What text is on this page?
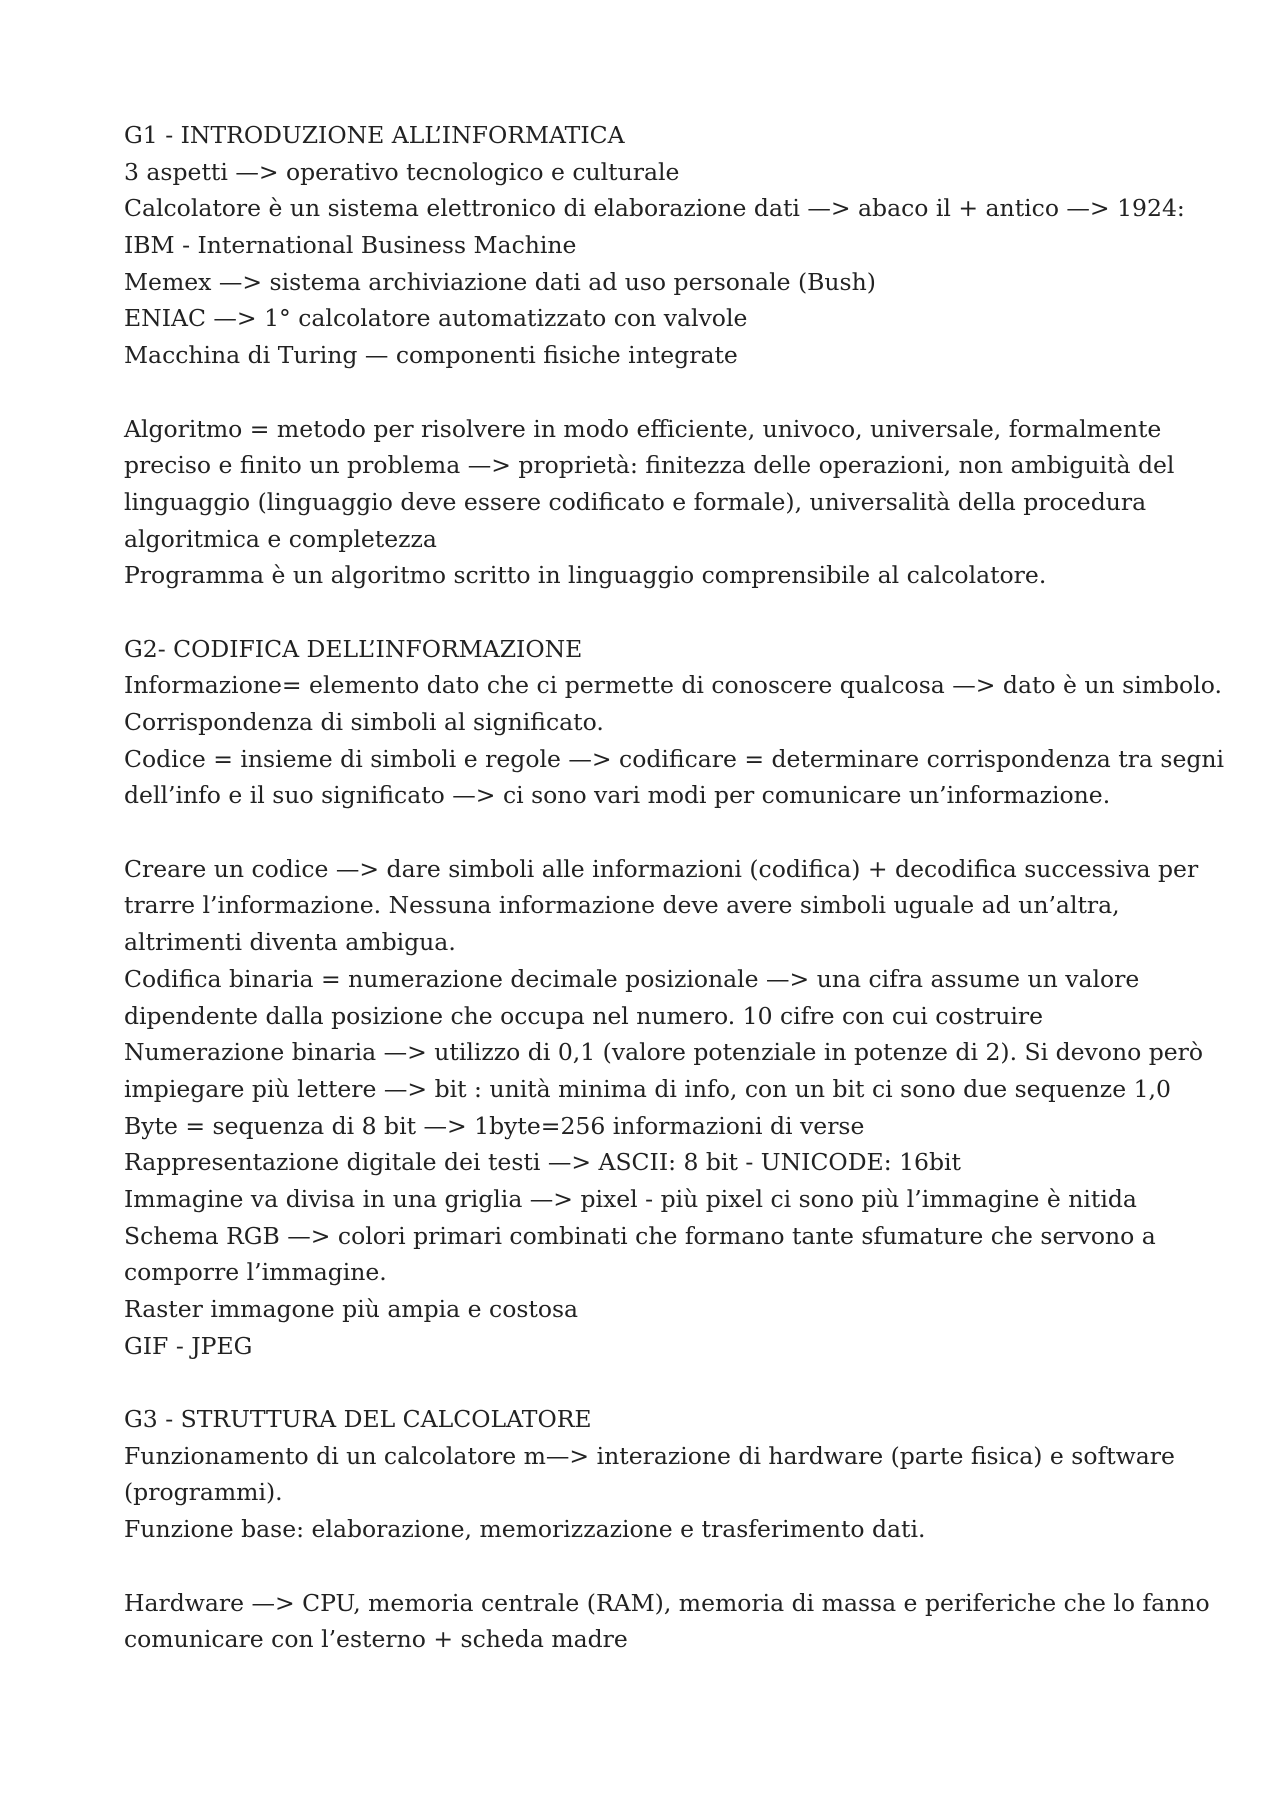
G1 - INTRODUZIONE ALL’INFORMATICA
3 aspetti —> operativo tecnologico e culturale
Calcolatore è un sistema elettronico di elaborazione dati —> abaco il + antico —> 1924:
IBM - International Business Machine
Memex —> sistema archiviazione dati ad uso personale (Bush)
ENIAC —> 1° calcolatore automatizzato con valvole
Macchina di Turing — componenti fisiche integrate
Algoritmo = metodo per risolvere in modo efficiente, univoco, universale, formalmente
preciso e finito un problema —> proprietà: finitezza delle operazioni, non ambiguità del
linguaggio (linguaggio deve essere codificato e formale), universalità della procedura
algoritmica e completezza
Programma è un algoritmo scritto in linguaggio comprensibile al calcolatore.
G2- CODIFICA DELL’INFORMAZIONE
Informazione= elemento dato che ci permette di conoscere qualcosa —> dato è un simbolo.
Corrispondenza di simboli al significato.
Codice = insieme di simboli e regole —> codificare = determinare corrispondenza tra segni
dell’info e il suo significato —> ci sono vari modi per comunicare un’informazione.
Creare un codice —> dare simboli alle informazioni (codifica) + decodifica successiva per
trarre l’informazione. Nessuna informazione deve avere simboli uguale ad un’altra,
altrimenti diventa ambigua.
Codifica binaria = numerazione decimale posizionale —> una cifra assume un valore
dipendente dalla posizione che occupa nel numero. 10 cifre con cui costruire
Numerazione binaria —> utilizzo di 0,1 (valore potenziale in potenze di 2). Si devono però
impiegare più lettere —> bit : unità minima di info, con un bit ci sono due sequenze 1,0
Byte = sequenza di 8 bit —> 1byte=256 informazioni di verse
Rappresentazione digitale dei testi —> ASCII: 8 bit - UNICODE: 16bit
Immagine va divisa in una griglia —> pixel - più pixel ci sono più l’immagine è nitida
Schema RGB —> colori primari combinati che formano tante sfumature che servono a
comporre l’immagine.
Raster immagone più ampia e costosa
GIF - JPEG
G3 - STRUTTURA DEL CALCOLATORE
Funzionamento di un calcolatore m—> interazione di hardware (parte fisica) e software
(programmi).
Funzione base: elaborazione, memorizzazione e trasferimento dati.
Hardware —> CPU, memoria centrale (RAM), memoria di massa e periferiche che lo fanno
comunicare con l’esterno + scheda madre
